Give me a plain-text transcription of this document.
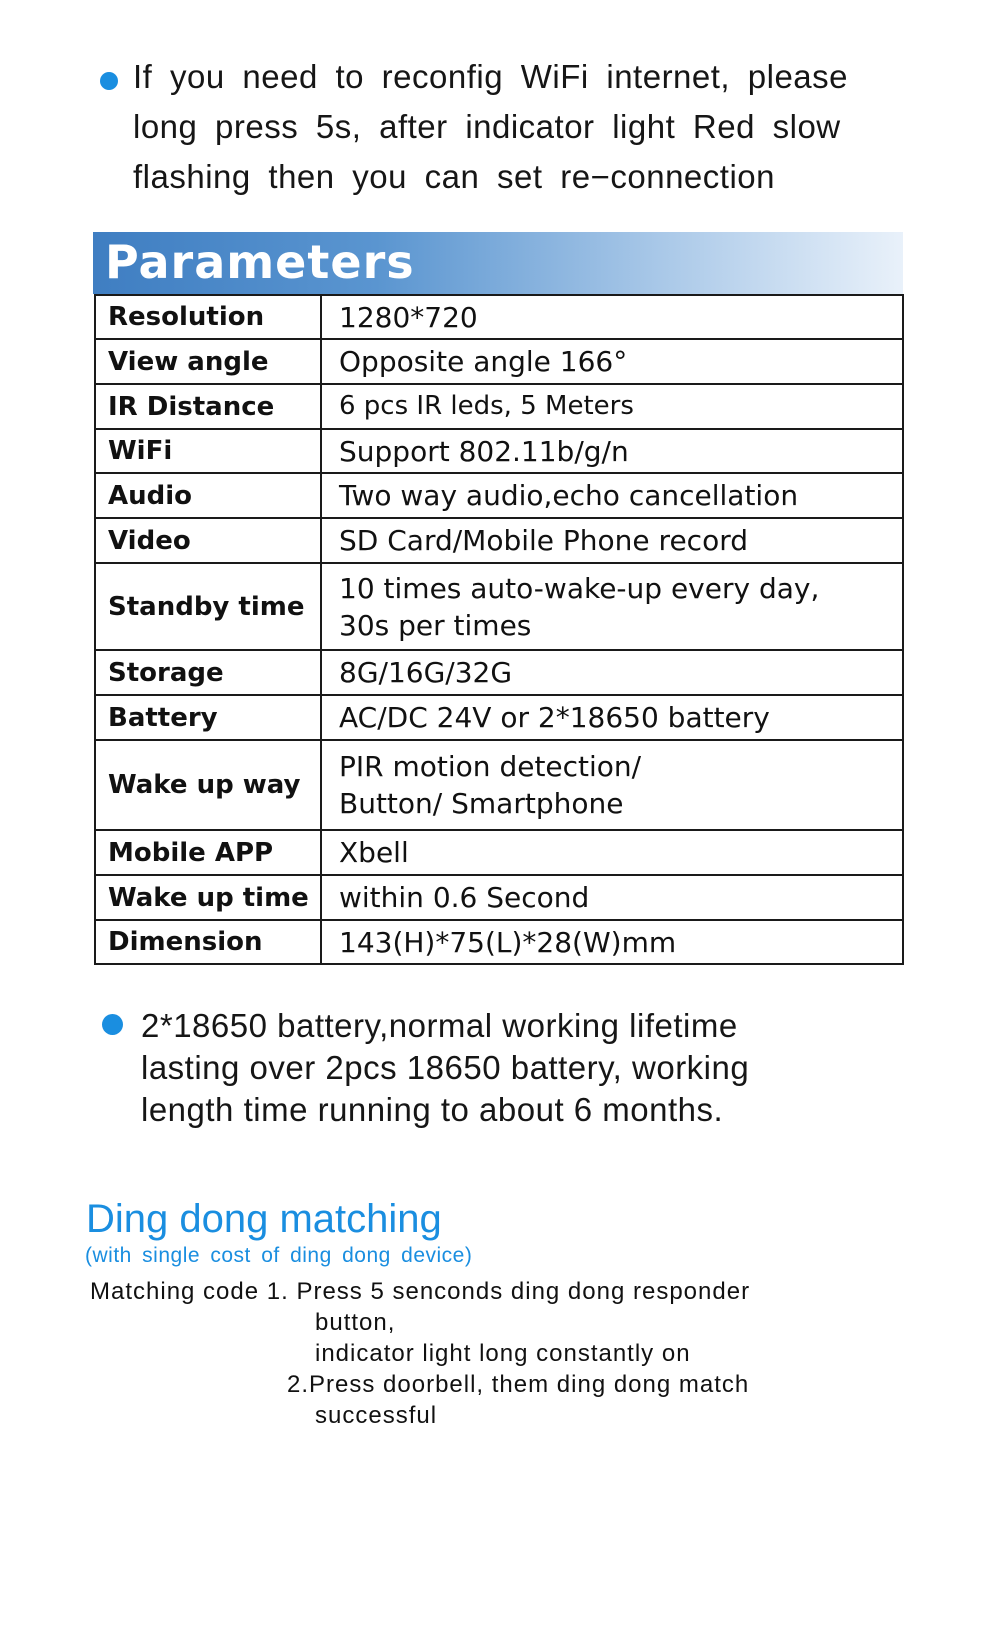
If you need to reconfig WiFi internet, please
long press 5s, after indicator light Red slow
flashing then you can set re−connection
Parameters
Resolution	1280*720

View angle	Opposite angle 166°

IR Distance	6 pcs IR leds, 5 Meters

WiFi	Support 802.11b/g/n

Audio	Two way audio,echo cancellation

Video	SD Card/Mobile Phone record

Standby time	10 times auto-wake-up every day,
30s per times

Storage	8G/16G/32G

Battery	AC/DC 24V or 2*18650 battery

Wake up way	PIR motion detection/
Button/ Smartphone

Mobile APP	Xbell

Wake up time	within 0.6 Second

Dimension	143(H)*75(L)*28(W)mm
2*18650 battery,normal working lifetime
lasting over 2pcs 18650 battery, working
length time running to about 6 months.
Ding dong matching
(with single cost of ding dong device)
Matching code 1. Press 5 senconds ding dong responder
button,
indicator light long constantly on
2.Press doorbell, them ding dong match
successful
